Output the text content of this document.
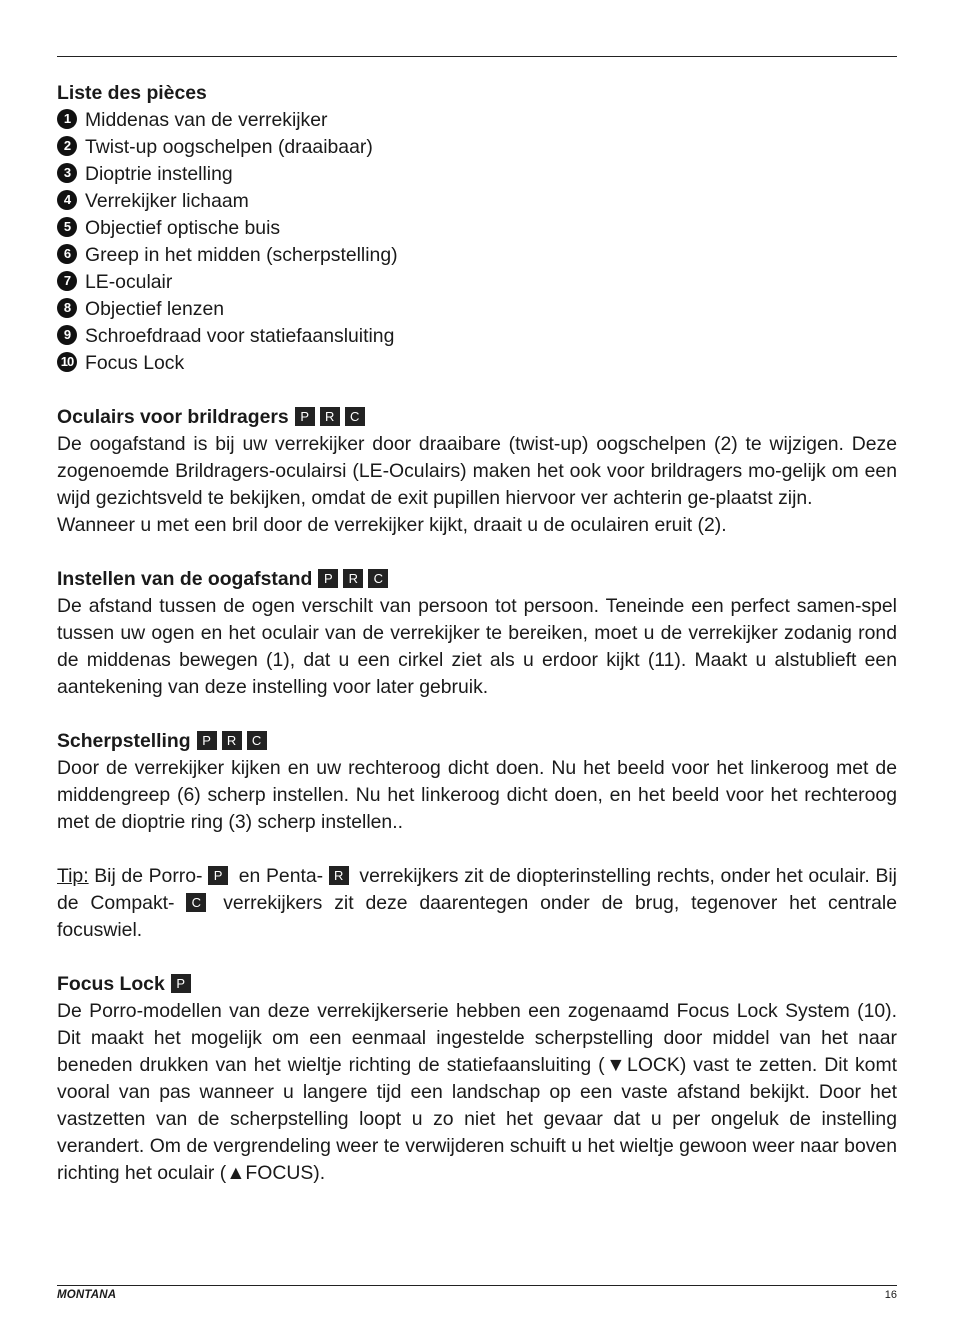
Liste des pièces
1 Middenas van de verrekijker
2 Twist-up oogschelpen (draaibaar)
3 Dioptrie instelling
4 Verrekijker lichaam
5 Objectief optische buis
6 Greep in het midden (scherpstelling)
7 LE-oculair
8 Objectief lenzen
9 Schroefdraad voor statiefaansluiting
10 Focus Lock
Oculairs voor brildragers P	R	C

De oogafstand is bij uw verrekijker door draaibare (twist-up) oogschelpen (2) te wijzigen. Deze zogenoemde Brildragers-oculairsi (LE-Oculairs) maken het ook voor brildragers mo-gelijk om een wijd gezichtsveld te bekijken, omdat de exit pupillen hiervoor ver achterin ge-plaatst zijn.

Wanneer u met een bril door de verrekijker kijkt, draait u de oculairen eruit (2).

Instellen van de oogafstand P	R	C

De afstand tussen de ogen verschilt van persoon tot persoon. Teneinde een perfect samen-spel tussen uw ogen en het oculair van de verrekijker te bereiken, moet u de verrekijker zodanig rond de middenas bewegen (1), dat u een cirkel ziet als u erdoor kijkt (11). Maakt u alstublieft een aantekening van deze instelling voor later gebruik.

Scherpstelling P	R	C

Door de verrekijker kijken en uw rechteroog dicht doen. Nu het beeld voor het linkeroog met de middengreep (6) scherp instellen. Nu het linkeroog dicht doen, en het beeld voor het rechteroog met de dioptrie ring (3) scherp instellen..

Tip: Bij de Porro- P en Penta- R verrekijkers zit de diopterinstelling rechts, onder het oculair. Bij de Compakt- C verrekijkers zit deze daarentegen onder de brug, tegenover het centrale focuswiel.

Focus Lock P

De Porro-modellen van deze verrekijkerserie hebben een zogenaamd Focus Lock System (10). Dit maakt het mogelijk om een eenmaal ingestelde scherpstelling door middel van het naar beneden drukken van het wieltje richting de statiefaansluiting (▼LOCK) vast te zetten. Dit komt vooral van pas wanneer u langere tijd een landschap op een vaste afstand bekijkt. Door het vastzetten van de scherpstelling loopt u zo niet het gevaar dat u per ongeluk de instelling verandert. Om de vergrendeling weer te verwijderen schuift u het wieltje gewoon weer naar boven richting het oculair (▲FOCUS).

MONTANA	16
